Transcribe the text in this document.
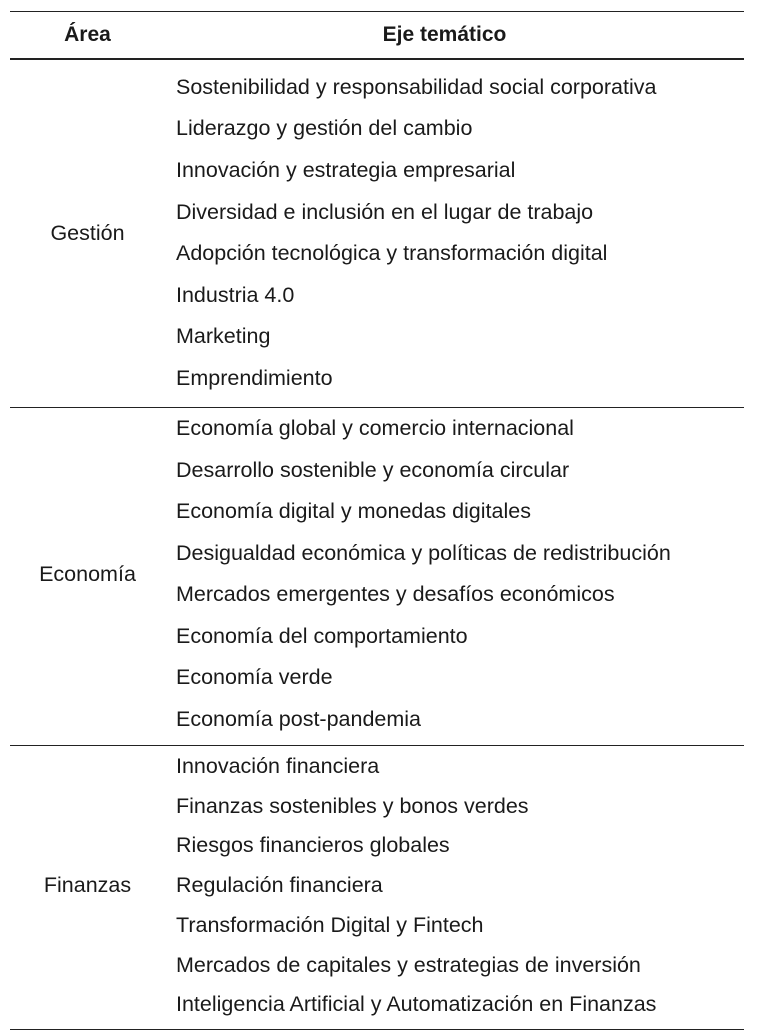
Área	Eje temático
Gestión
Sostenibilidad y responsabilidad social corporativa
Liderazgo y gestión del cambio
Innovación y estrategia empresarial
Diversidad e inclusión en el lugar de trabajo
Adopción tecnológica y transformación digital
Industria 4.0
Marketing
Emprendimiento
Economía
Economía global y comercio internacional
Desarrollo sostenible y economía circular
Economía digital y monedas digitales
Desigualdad económica y políticas de redistribución
Mercados emergentes y desafíos económicos
Economía del comportamiento
Economía verde
Economía post-pandemia
Finanzas
Innovación financiera
Finanzas sostenibles y bonos verdes
Riesgos financieros globales
Regulación financiera
Transformación Digital y Fintech
Mercados de capitales y estrategias de inversión
Inteligencia Artificial y Automatización en Finanzas
